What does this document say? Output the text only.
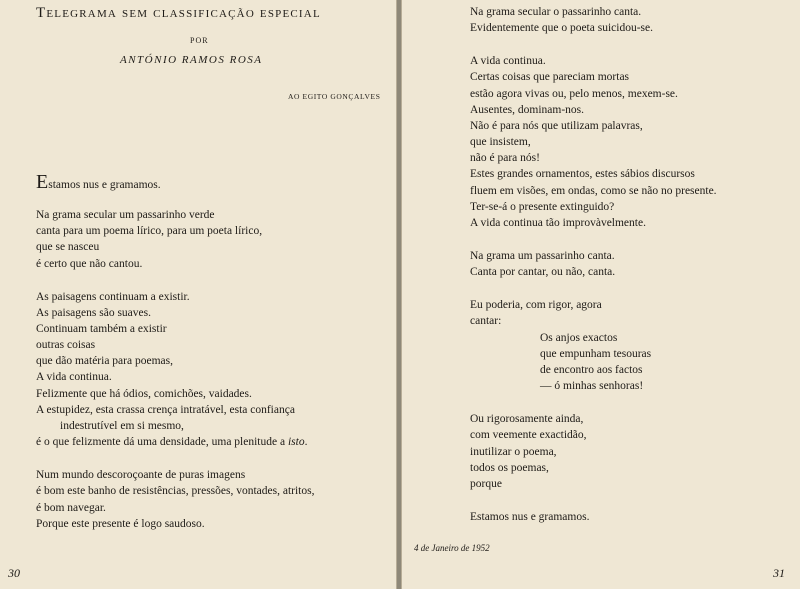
Telegrama sem classificação especial
POR
ANTÓNIO RAMOS ROSA
AO EGITO GONÇALVES
Estamos nus e gramamos.
Na grama secular um passarinho verde
canta para um poema lírico, para um poeta lírico,
que se nasceu
é certo que não cantou.
As paisagens continuam a existir.
As paisagens são suaves.
Continuam também a existir
outras coisas
que dão matéria para poemas,
A vida continua.
Felizmente que há ódios, comichões, vaidades.
A estupidez, esta crassa crença intratável, esta confiança
indestrutível em si mesmo,
é o que felizmente dá uma densidade, uma plenitude a isto.
Num mundo descoroçoante de puras imagens
é bom este banho de resistências, pressões, vontades, atritos,
é bom navegar.
Porque este presente é logo saudoso.
Na grama secular o passarinho canta.
Evidentemente que o poeta suicidou-se.
A vida continua.
Certas coisas que pareciam mortas
estão agora vivas ou, pelo menos, mexem-se.
Ausentes, dominam-nos.
Não é para nós que utilizam palavras,
que insistem,
não é para nós!
Estes grandes ornamentos, estes sábios discursos
fluem em visões, em ondas, como se não no presente.
Ter-se-á o presente extinguido?
A vida continua tão improvàvelmente.
Na grama um passarinho canta.
Canta por cantar, ou não, canta.
Eu poderia, com rigor, agora
cantar:
Os anjos exactos
que empunham tesouras
de encontro aos factos
— ó minhas senhoras!
Ou rigorosamente ainda,
com veemente exactidão,
inutilizar o poema,
todos os poemas,
porque
Estamos nus e gramamos.
4 de Janeiro de 1952
30	31
